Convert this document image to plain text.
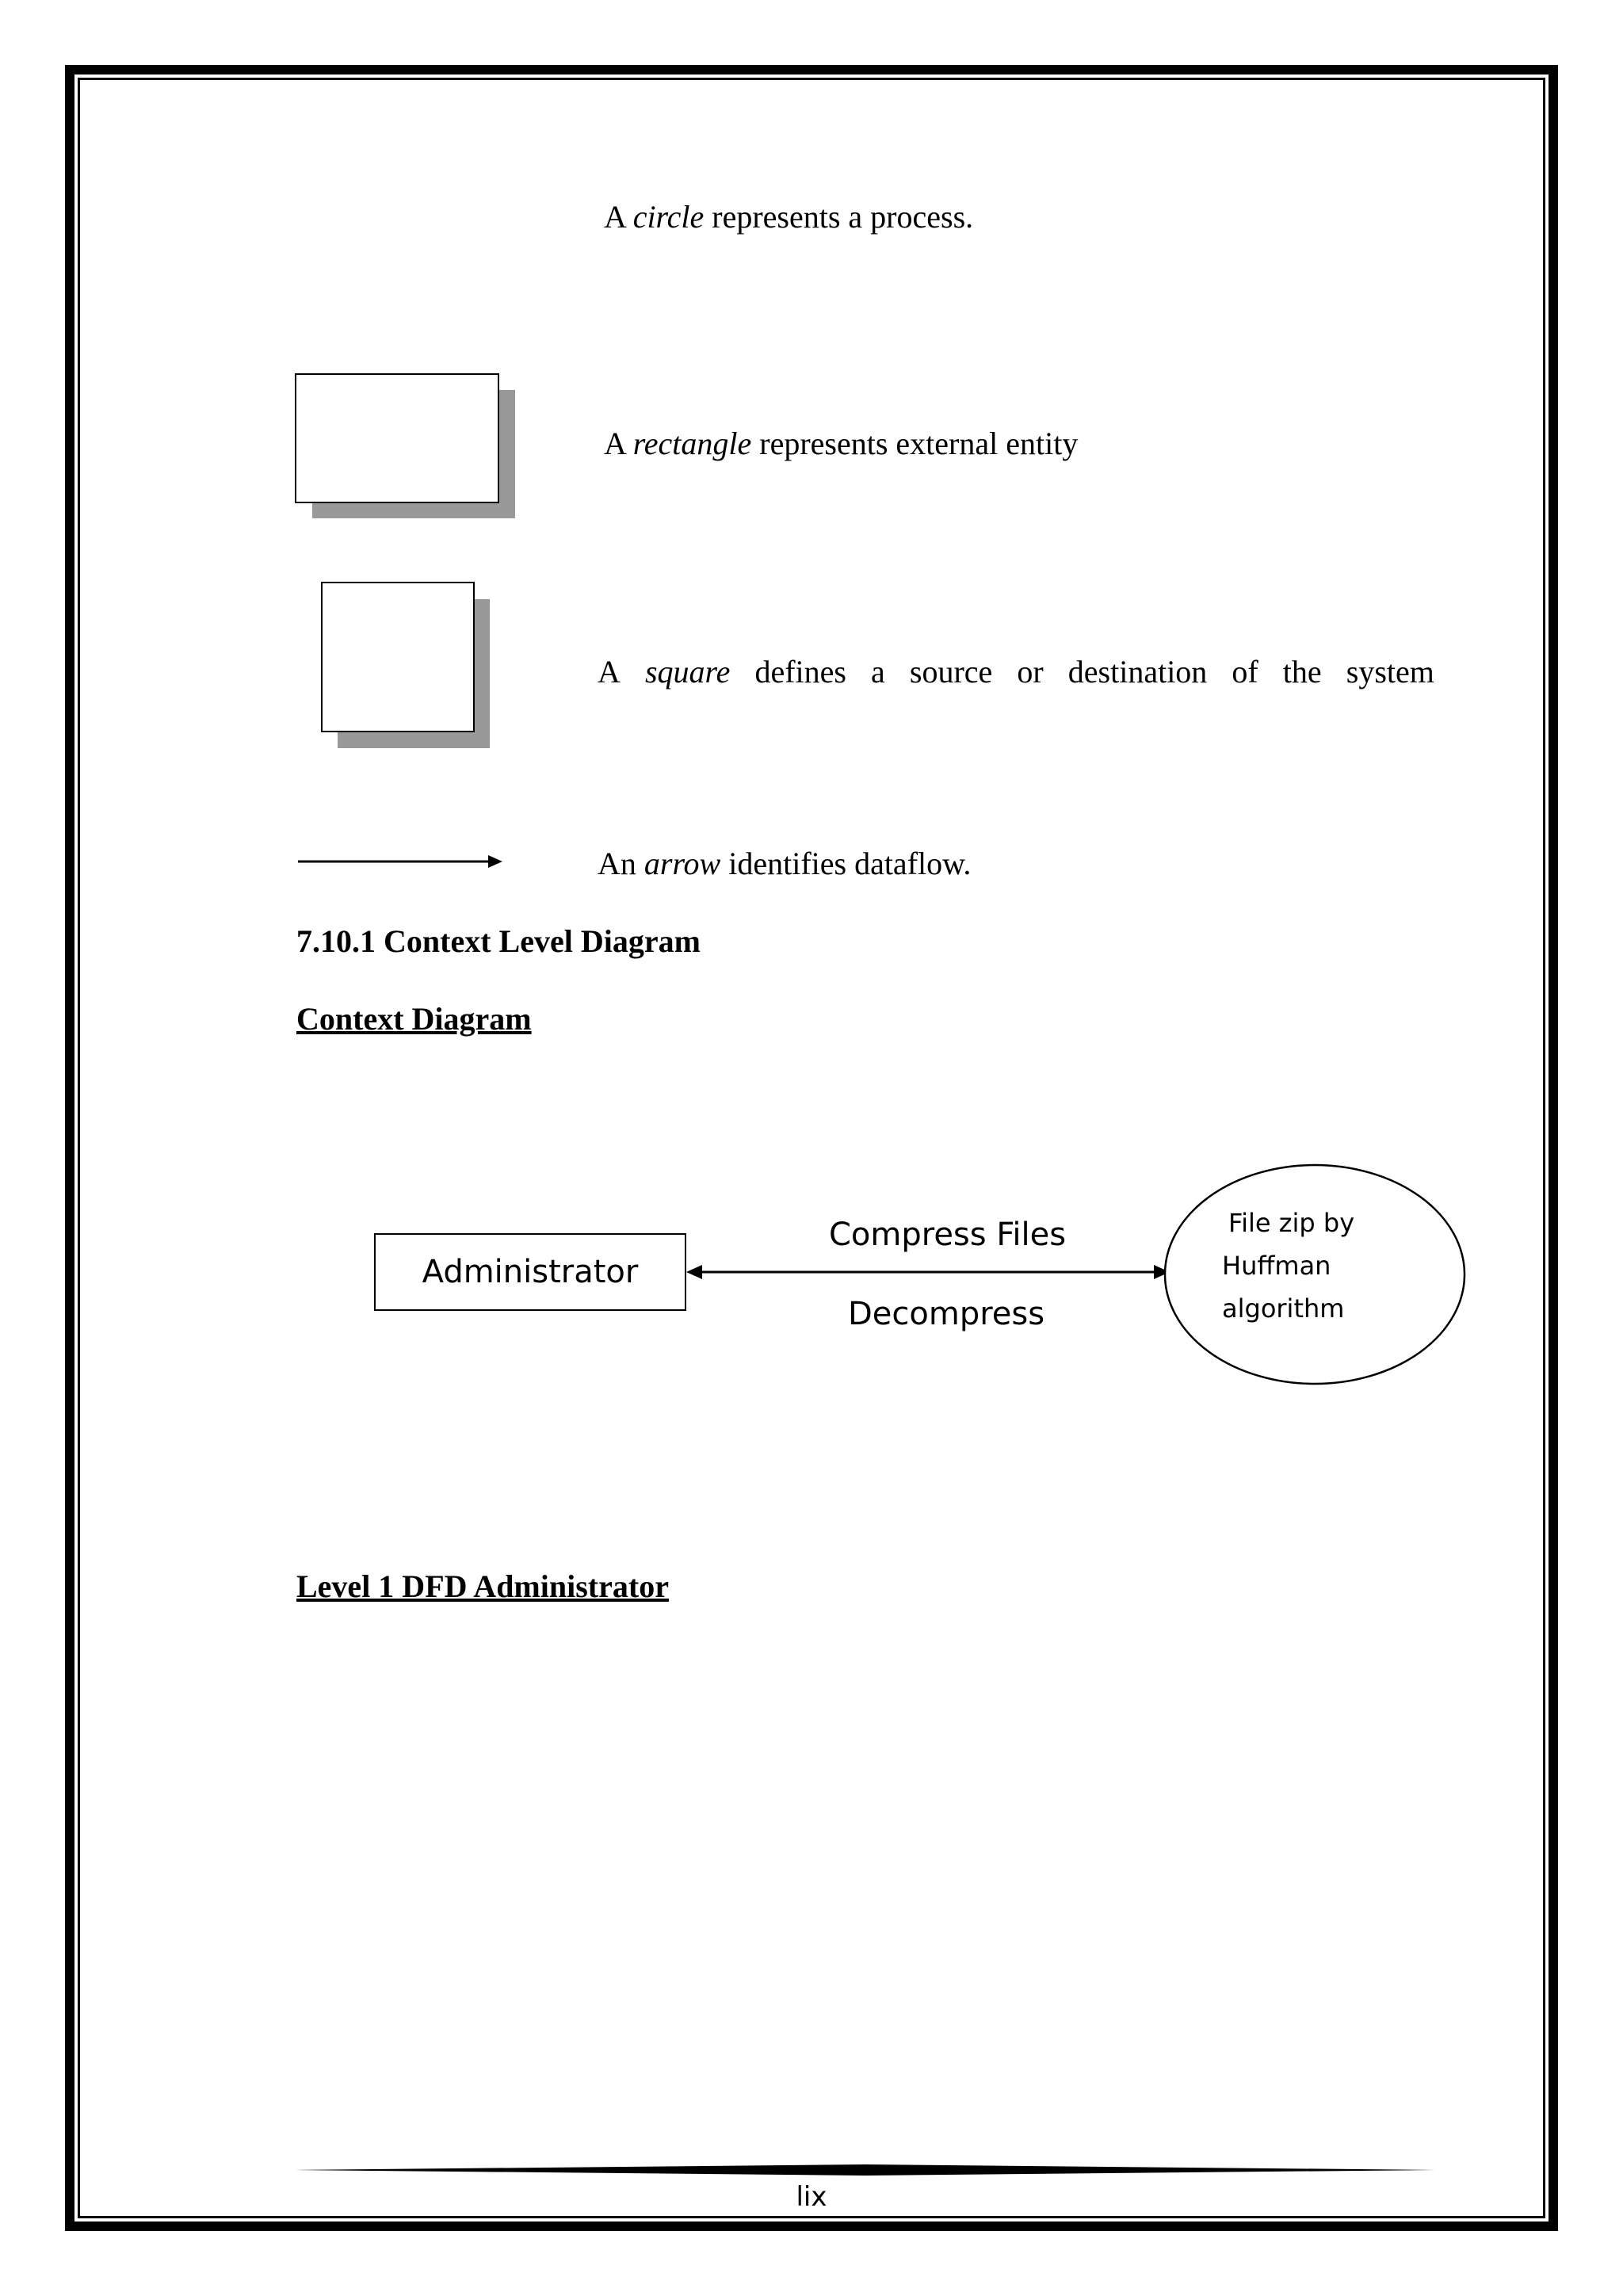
A circle represents a process.
A rectangle represents external entity
A square defines a source or destination of the system
An arrow identifies dataflow.
7.10.1 Context Level Diagram
Context Diagram
Administrator
Compress Files
Decompress
File zip by
Huffman
algorithm
Level 1 DFD Administrator
lix
